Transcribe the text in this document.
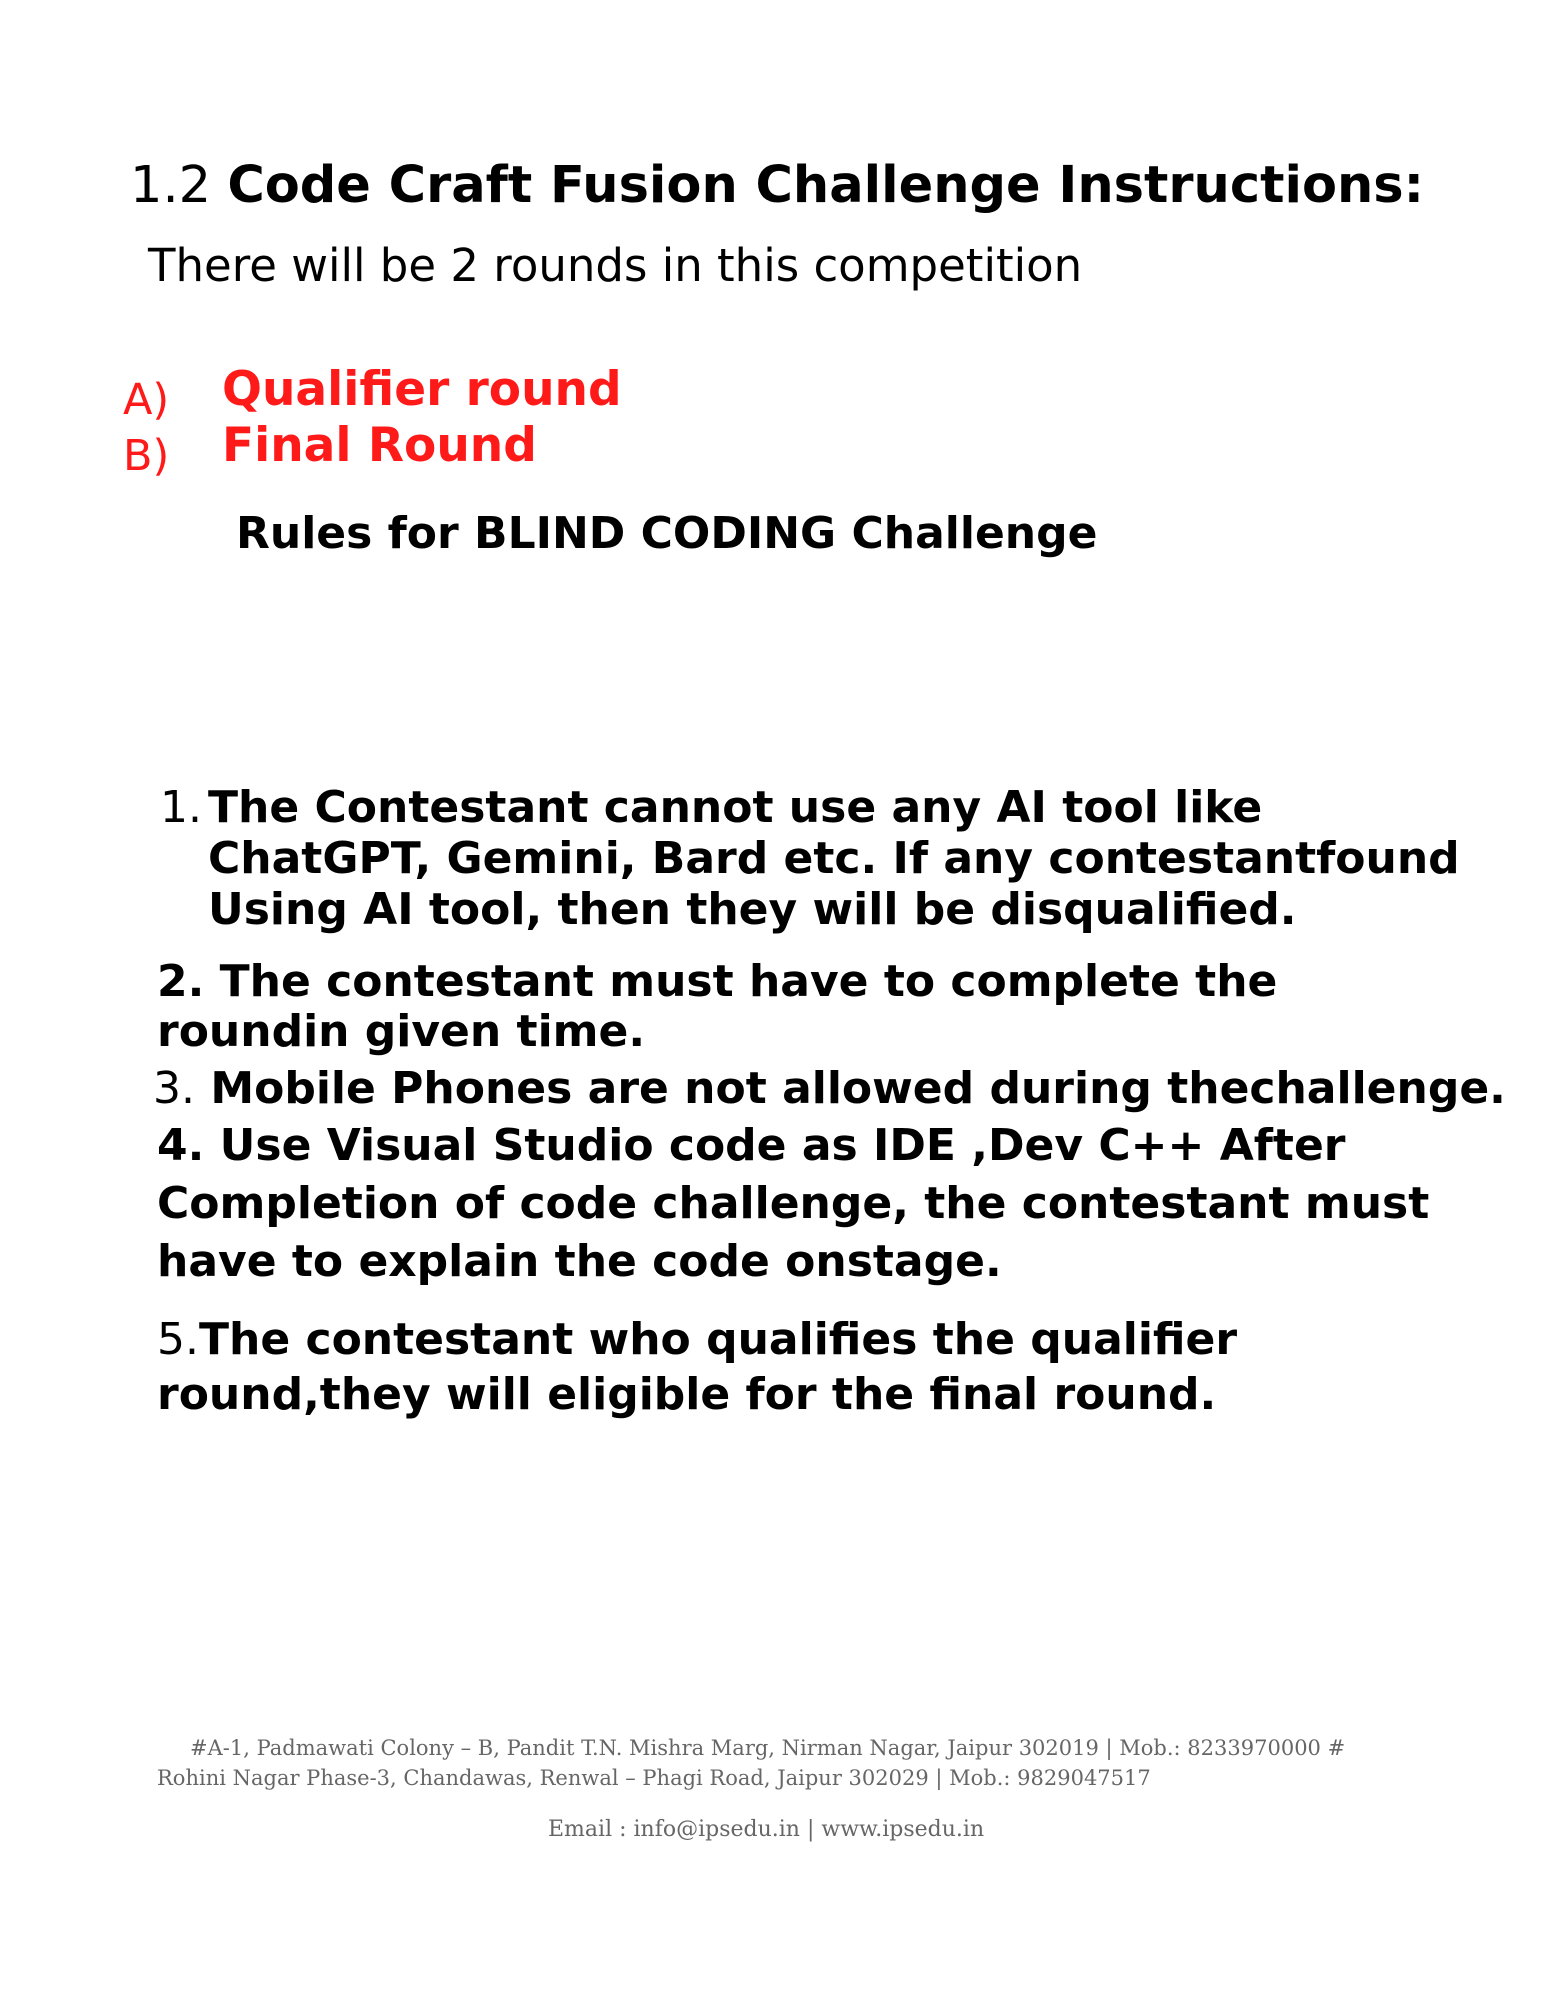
1.2 Code Craft Fusion Challenge Instructions:
There will be 2 rounds in this competition
A) Qualifier round
B) Final Round
Rules for BLIND CODING Challenge
1. The Contestant cannot use any AI tool like
ChatGPT, Gemini, Bard etc. If any contestantfound
Using AI tool, then they will be disqualified.
2. The contestant must have to complete the
roundin given time.
3. Mobile Phones are not allowed during thechallenge.
4. Use Visual Studio code as IDE ,Dev C++ After
Completion of code challenge, the contestant must
have to explain the code onstage.
5.The contestant who qualifies the qualifier
round,they will eligible for the final round.
#A-1, Padmawati Colony – B, Pandit T.N. Mishra Marg, Nirman Nagar, Jaipur 302019 | Mob.: 8233970000 #
Rohini Nagar Phase-3, Chandawas, Renwal – Phagi Road, Jaipur 302029 | Mob.: 9829047517
Email : info@ipsedu.in | www.ipsedu.in
